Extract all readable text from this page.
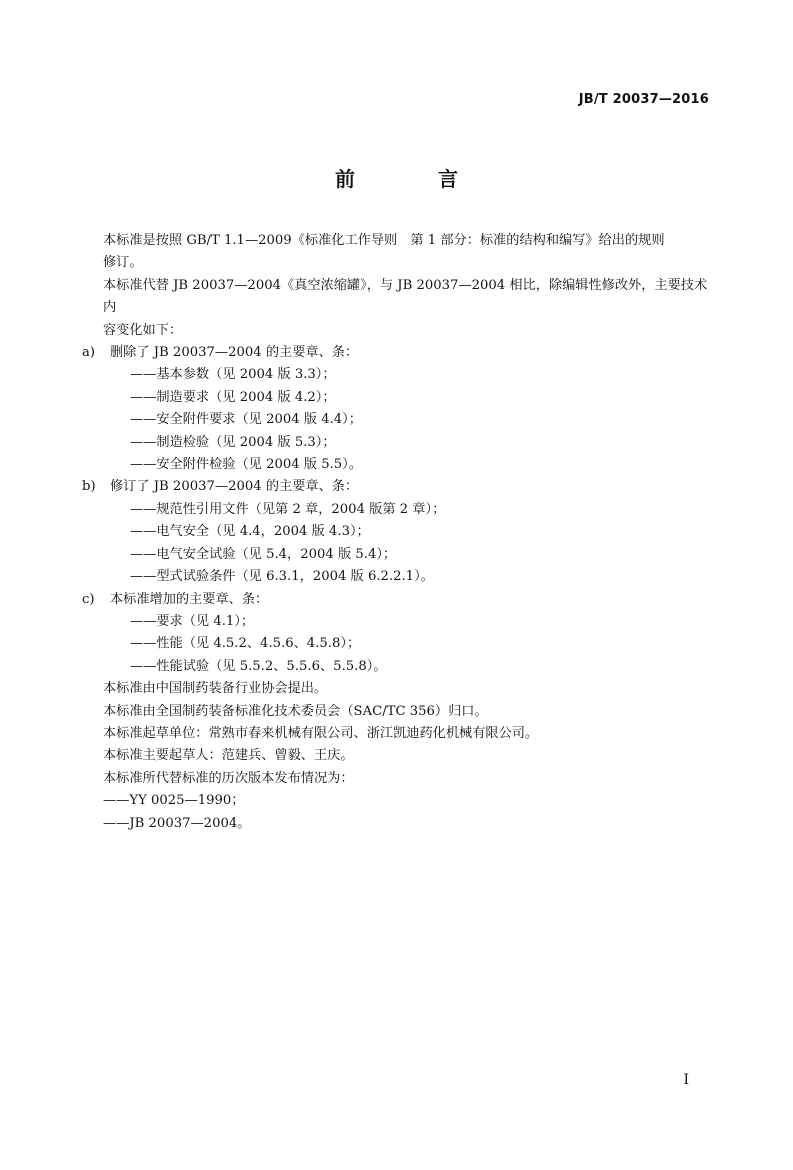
JB/T 20037—2016
前 言

本标准是按照 GB/T 1.1—2009《标准化工作导则　第 1 部分：标准的结构和编写》给出的规则

修订。

本标准代替 JB 20037—2004《真空浓缩罐》，与 JB 20037—2004 相比，除编辑性修改外，主要技术内

容变化如下：

a) 删除了 JB 20037—2004 的主要章、条：

——基本参数（见 2004 版 3.3）；

——制造要求（见 2004 版 4.2）；

——安全附件要求（见 2004 版 4.4）；

——制造检验（见 2004 版 5.3）；

——安全附件检验（见 2004 版 5.5）。

b) 修订了 JB 20037—2004 的主要章、条：

——规范性引用文件（见第 2 章，2004 版第 2 章）；

——电气安全（见 4.4，2004 版 4.3）；

——电气安全试验（见 5.4，2004 版 5.4）；

——型式试验条件（见 6.3.1，2004 版 6.2.2.1）。

c) 本标准增加的主要章、条：

——要求（见 4.1）；

——性能（见 4.5.2、4.5.6、4.5.8）；

——性能试验（见 5.5.2、5.5.6、5.5.8）。

本标准由中国制药装备行业协会提出。

本标准由全国制药装备标准化技术委员会（SAC/TC 356）归口。

本标准起草单位：常熟市春来机械有限公司、浙江凯迪药化机械有限公司。

本标准主要起草人：范建兵、曾毅、王庆。

本标准所代替标准的历次版本发布情况为：

——YY 0025—1990；

——JB 20037—2004。

I
